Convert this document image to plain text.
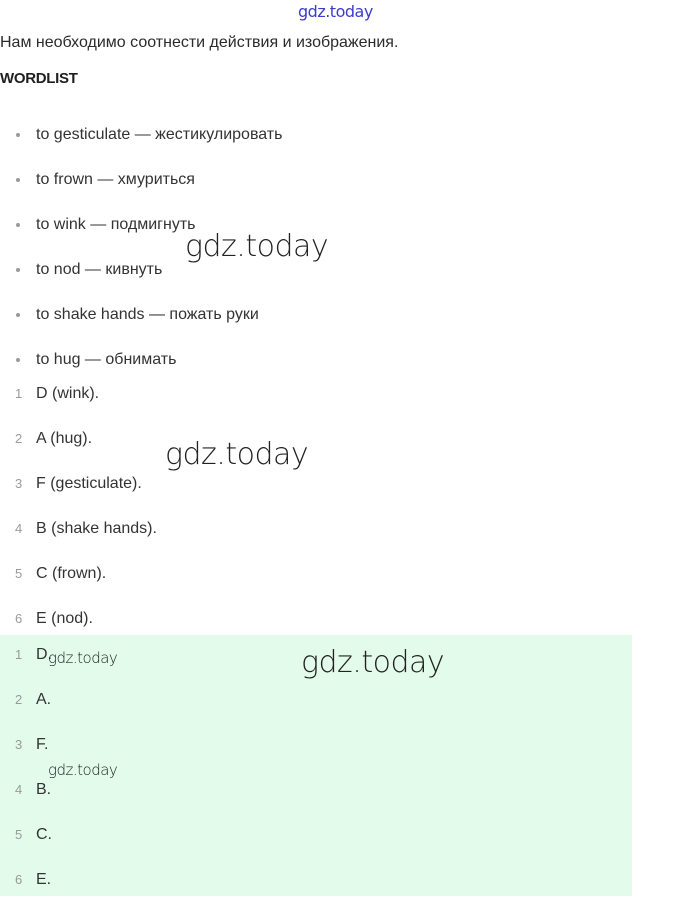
gdz.today
Нам необходимо соотнести действия и изображения.
WORDLIST
to gesticulate — жестикулировать
to frown — хмуриться
to wink — подмигнуть
to nod — кивнуть
to shake hands — пожать руки
to hug — обнимать
1 D (wink).
2 A (hug).
3 F (gesticulate).
4 B (shake hands).
5 C (frown).
6 E (nod).
1 D.
2 A.
3 F.
4 B.
5 C.
6 E.
gdz.today
gdz.today
gdz.today
gdz.today
gdz.today
